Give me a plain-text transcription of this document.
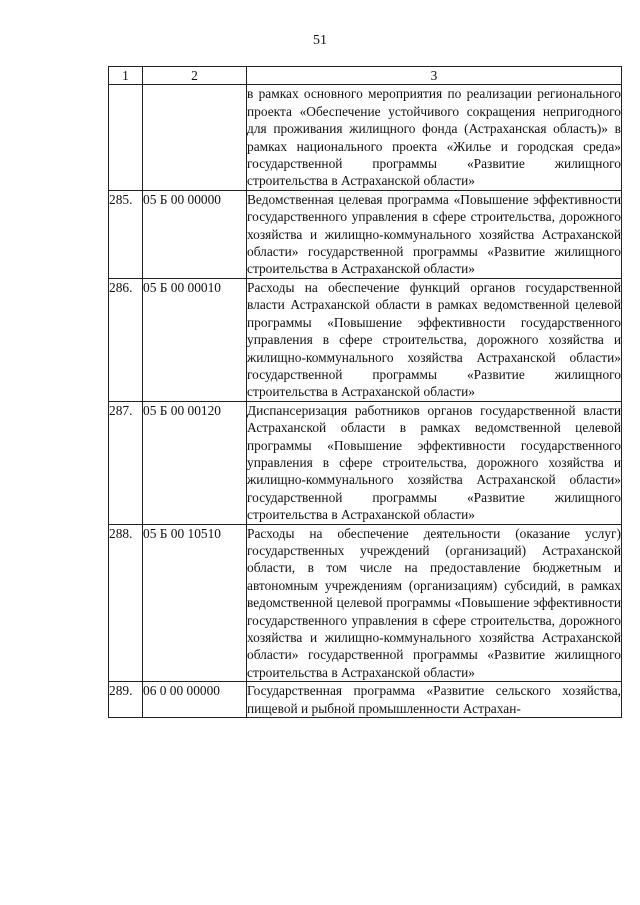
51
1	2	3
		в рамках основного мероприятия по реализации регионального проекта «Обеспечение устойчивого сокращения непригодного для проживания жилищного фонда (Астраханская область)» в рамках национального проекта «Жилье и городская среда» государственной программы «Развитие жилищного строительства в Астраханской области»
285.	05 Б 00 00000	Ведомственная целевая программа «Повышение эффективности государственного управления в сфере строительства, дорожного хозяйства и жилищно-коммунального хозяйства Астраханской области» государственной программы «Развитие жилищного строительства в Астраханской области»
286.	05 Б 00 00010	Расходы на обеспечение функций органов государственной власти Астраханской области в рамках ведомственной целевой программы «Повышение эффективности государственного управления в сфере строительства, дорожного хозяйства и жилищно-коммунального хозяйства Астраханской области» государственной программы «Развитие жилищного строительства в Астраханской области»
287.	05 Б 00 00120	Диспансеризация работников органов государственной власти Астраханской области в рамках ведомственной целевой программы «Повышение эффективности государственного управления в сфере строительства, дорожного хозяйства и жилищно-коммунального хозяйства Астраханской области» государственной программы «Развитие жилищного строительства в Астраханской области»
288.	05 Б 00 10510	Расходы на обеспечение деятельности (оказание услуг) государственных учреждений (организаций) Астраханской области, в том числе на предоставление бюджетным и автономным учреждениям (организациям) субсидий, в рамках ведомственной целевой программы «Повышение эффективности государственного управления в сфере строительства, дорожного хозяйства и жилищно-коммунального хозяйства Астраханской области» государственной программы «Развитие жилищного строительства в Астраханской области»
289.	06 0 00 00000	Государственная программа «Развитие сельского хозяйства, пищевой и рыбной промышленности Астрахан-
